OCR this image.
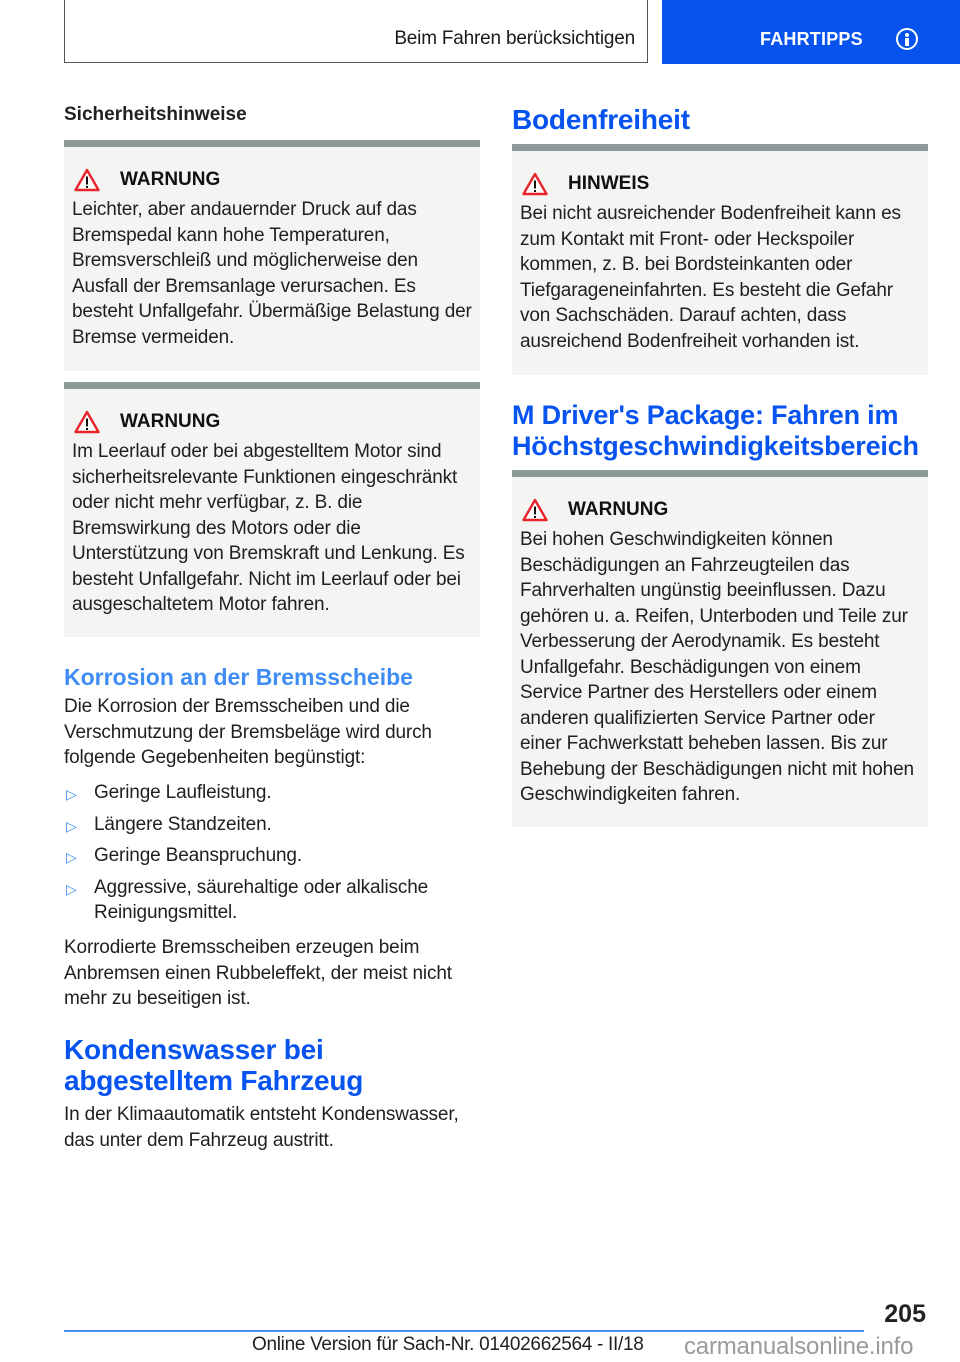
Beim Fahren berücksichtigen	FAHRTIPPS
Sicherheitshinweise
WARNUNG
Leichter, aber andauernder Druck auf das Bremspedal kann hohe Temperaturen, Bremsverschleiß und möglicherweise den Ausfall der Bremsanlage verursachen. Es besteht Unfallgefahr. Übermäßige Belastung der Bremse vermeiden.
WARNUNG
Im Leerlauf oder bei abgestelltem Motor sind sicherheitsrelevante Funktionen eingeschränkt oder nicht mehr verfügbar, z. B. die Bremswirkung des Motors oder die Unterstützung von Bremskraft und Lenkung. Es besteht Unfallgefahr. Nicht im Leerlauf oder bei ausgeschaltetem Motor fahren.
Korrosion an der Bremsscheibe
Die Korrosion der Bremsscheiben und die Verschmutzung der Bremsbeläge wird durch folgende Gegebenheiten begünstigt:
▷ Geringe Laufleistung.
▷ Längere Standzeiten.
▷ Geringe Beanspruchung.
▷ Aggressive, säurehaltige oder alkalische Reinigungsmittel.
Korrodierte Bremsscheiben erzeugen beim Anbremsen einen Rubbeleffekt, der meist nicht mehr zu beseitigen ist.
Kondenswasser bei abgestelltem Fahrzeug
In der Klimaautomatik entsteht Kondenswasser, das unter dem Fahrzeug austritt.
Bodenfreiheit
HINWEIS
Bei nicht ausreichender Bodenfreiheit kann es zum Kontakt mit Front- oder Heckspoiler kommen, z. B. bei Bordsteinkanten oder Tiefgarageneinfahrten. Es besteht die Gefahr von Sachschäden. Darauf achten, dass ausreichend Bodenfreiheit vorhanden ist.
M Driver's Package: Fahren im Höchstgeschwindigkeitsbereich
WARNUNG
Bei hohen Geschwindigkeiten können Beschädigungen an Fahrzeugteilen das Fahrverhalten ungünstig beeinflussen. Dazu gehören u. a. Reifen, Unterboden und Teile zur Verbesserung der Aerodynamik. Es besteht Unfallgefahr. Beschädigungen von einem Service Partner des Herstellers oder einem anderen qualifizierten Service Partner oder einer Fachwerkstatt beheben lassen. Bis zur Behebung der Beschädigungen nicht mit hohen Geschwindigkeiten fahren.
205
Online Version für Sach-Nr. 01402662564 - II/18 carmanualsonline.info
